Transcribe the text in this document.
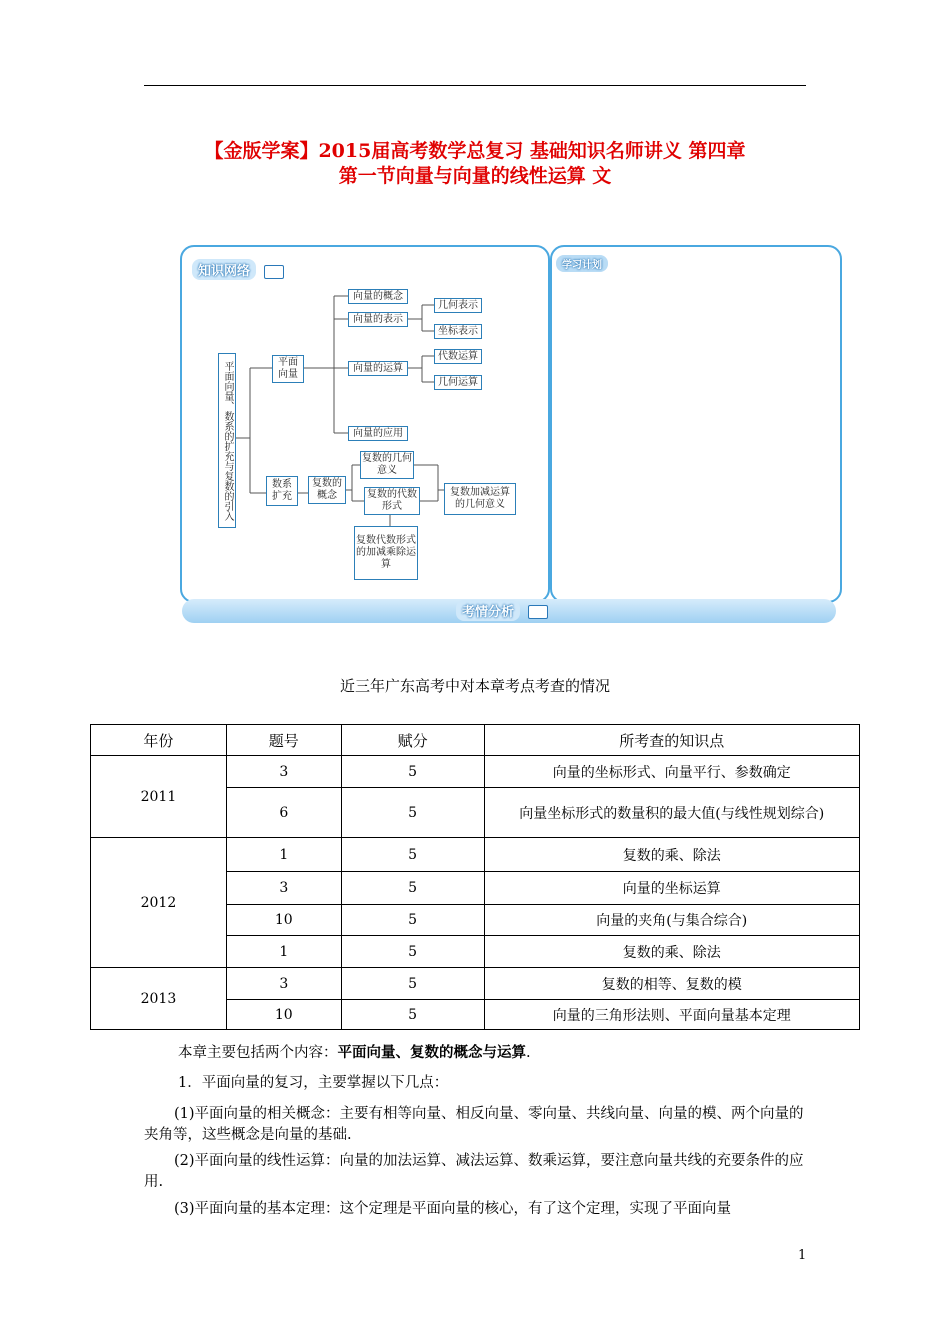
【金版学案】2015届高考数学总复习 基础知识名师讲义 第四章
第一节向量与向量的线性运算 文
知识网络	学习计划
考情分析
平面向量、数系的扩充与复数的引入	平面向量
向量的概念
向量的表示
几何表示
坐标表示
向量的运算
代数运算
几何运算
向量的应用
数系扩充
复数的概念
复数的几何意义
复数的代数形式
复数加减运算的几何意义
复数代数形式的加减乘除运算
近三年广东高考中对本章考点考查的情况
年份	题号	赋分	所考查的知识点
2011	3	5	向量的坐标形式、向量平行、参数确定
	6	5	向量坐标形式的数量积的最大值(与线性规划综合)
2012	1	5	复数的乘、除法
	3	5	向量的坐标运算
	10	5	向量的夹角(与集合综合)
	1	5	复数的乘、除法
2013	3	5	复数的相等、复数的模
	10	5	向量的三角形法则、平面向量基本定理
本章主要包括两个内容：平面向量、复数的概念与运算.
1．平面向量的复习，主要掌握以下几点：
(1)平面向量的相关概念：主要有相等向量、相反向量、零向量、共线向量、向量的模、两个向量的夹角等，这些概念是向量的基础.
(2)平面向量的线性运算：向量的加法运算、减法运算、数乘运算，要注意向量共线的充要条件的应用.
(3)平面向量的基本定理：这个定理是平面向量的核心，有了这个定理，实现了平面向量
1
